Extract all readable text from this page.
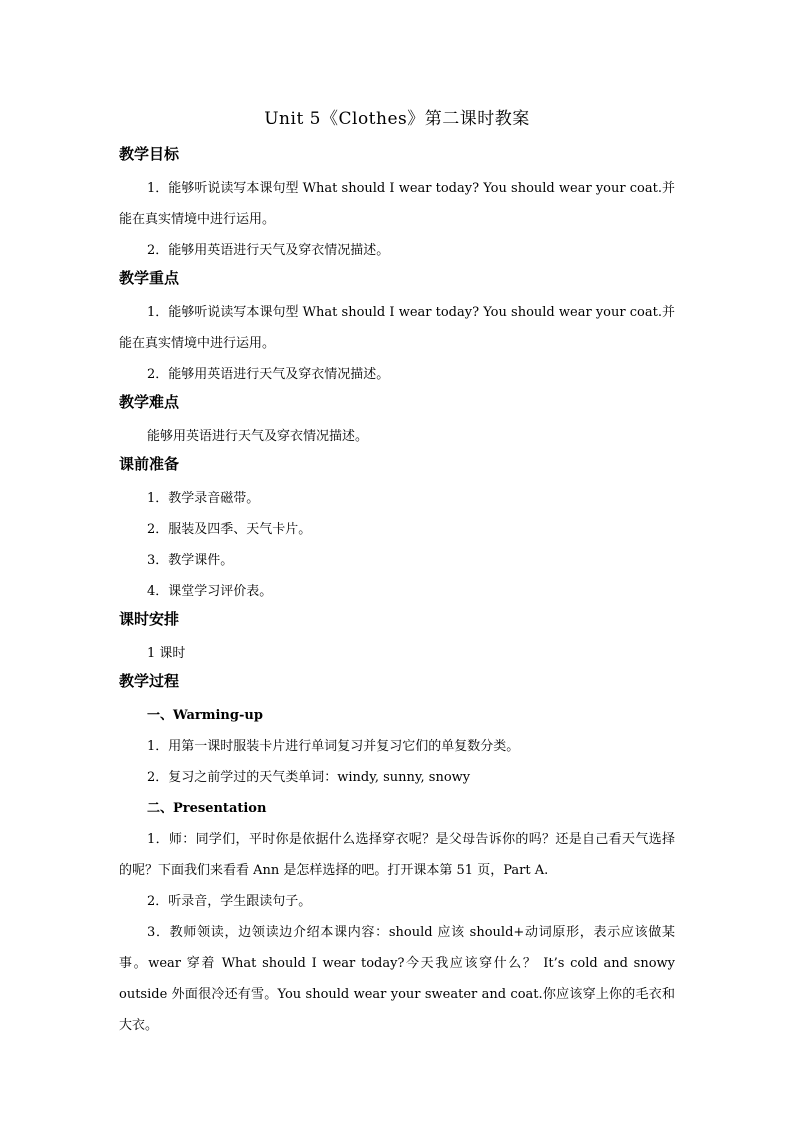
Unit 5《Clothes》第二课时教案
教学目标
1．能够听说读写本课句型 What should I wear today? You should wear your coat.并能在真实情境中进行运用。
2．能够用英语进行天气及穿衣情况描述。
教学重点
1．能够听说读写本课句型 What should I wear today? You should wear your coat.并能在真实情境中进行运用。
2．能够用英语进行天气及穿衣情况描述。
教学难点
能够用英语进行天气及穿衣情况描述。
课前准备
1．教学录音磁带。
2．服装及四季、天气卡片。
3．教学课件。
4．课堂学习评价表。
课时安排
1 课时
教学过程
一、Warming-up
1．用第一课时服装卡片进行单词复习并复习它们的单复数分类。
2．复习之前学过的天气类单词：windy, sunny, snowy
二、Presentation
1．师：同学们，平时你是依据什么选择穿衣呢？是父母告诉你的吗？还是自己看天气选择的呢？下面我们来看看 Ann 是怎样选择的吧。打开课本第 51 页，Part A.
2．听录音，学生跟读句子。
3．教师领读，边领读边介绍本课内容：should 应该 should+动词原形，表示应该做某事。wear 穿着 What should I wear today?今天我应该穿什么？ It’s cold and snowy outside 外面很冷还有雪。You should wear your sweater and coat.你应该穿上你的毛衣和大衣。
